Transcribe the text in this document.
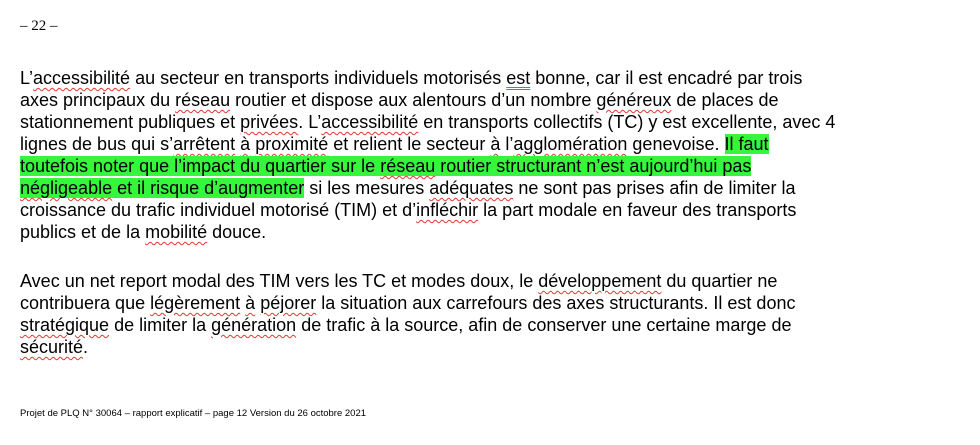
– 22 –
L’accessibilité au secteur en transports individuels motorisés est bonne, car il est encadré par trois
axes principaux du réseau routier et dispose aux alentours d’un nombre généreux de places de
stationnement publiques et privées. L’accessibilité en transports collectifs (TC) y est excellente, avec 4
lignes de bus qui s’arrêtent à proximité et relient le secteur à l’agglomération genevoise. Il faut
toutefois noter que l’impact du quartier sur le réseau routier structurant n’est aujourd’hui pas
négligeable et il risque d’augmenter si les mesures adéquates ne sont pas prises afin de limiter la
croissance du trafic individuel motorisé (TIM) et d’infléchir la part modale en faveur des transports
publics et de la mobilité douce.
Avec un net report modal des TIM vers les TC et modes doux, le développement du quartier ne
contribuera que légèrement à péjorer la situation aux carrefours des axes structurants. Il est donc
stratégique de limiter la génération de trafic à la source, afin de conserver une certaine marge de
sécurité.
Projet de PLQ N° 30064 – rapport explicatif – page 12 Version du 26 octobre 2021
